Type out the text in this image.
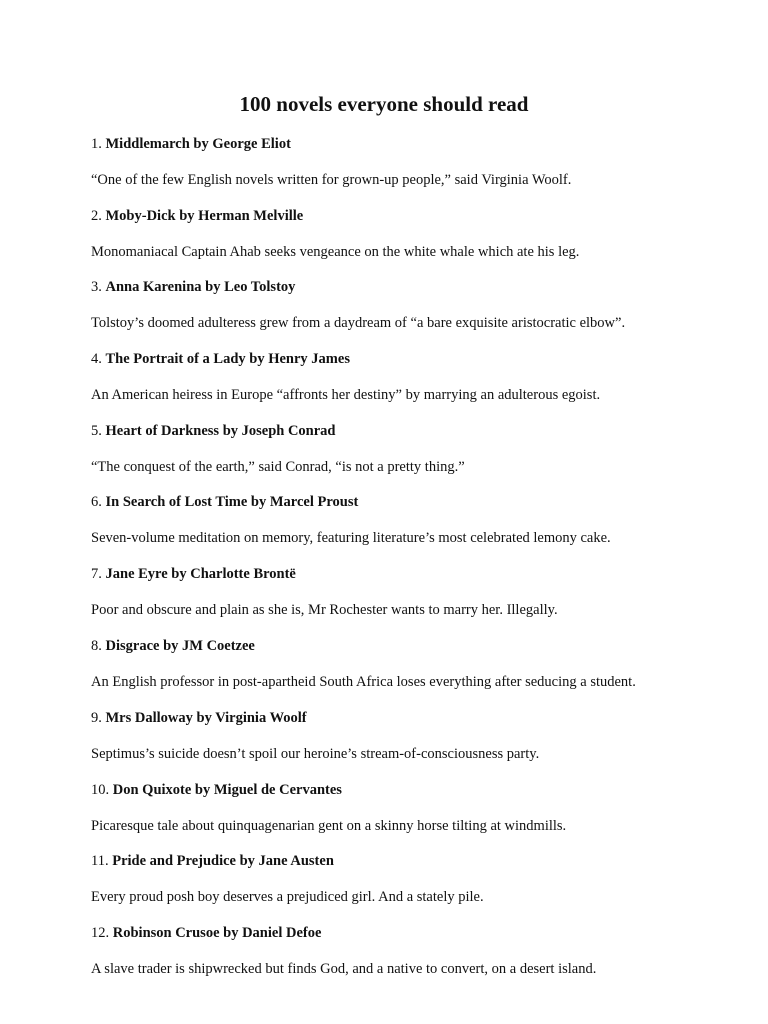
100 novels everyone should read

1. Middlemarch by George Eliot

“One of the few English novels written for grown-up people,” said Virginia Woolf.

2. Moby-Dick by Herman Melville

Monomaniacal Captain Ahab seeks vengeance on the white whale which ate his leg.

3. Anna Karenina by Leo Tolstoy

Tolstoy’s doomed adulteress grew from a daydream of “a bare exquisite aristocratic elbow”.

4. The Portrait of a Lady by Henry James

An American heiress in Europe “affronts her destiny” by marrying an adulterous egoist.

5. Heart of Darkness by Joseph Conrad

“The conquest of the earth,” said Conrad, “is not a pretty thing.”

6. In Search of Lost Time by Marcel Proust

Seven-volume meditation on memory, featuring literature’s most celebrated lemony cake.

7. Jane Eyre by Charlotte Brontë

Poor and obscure and plain as she is, Mr Rochester wants to marry her. Illegally.

8. Disgrace by JM Coetzee

An English professor in post-apartheid South Africa loses everything after seducing a student.

9. Mrs Dalloway by Virginia Woolf

Septimus’s suicide doesn’t spoil our heroine’s stream-of-consciousness party.

10. Don Quixote by Miguel de Cervantes

Picaresque tale about quinquagenarian gent on a skinny horse tilting at windmills.

11. Pride and Prejudice by Jane Austen

Every proud posh boy deserves a prejudiced girl. And a stately pile.

12. Robinson Crusoe by Daniel Defoe

A slave trader is shipwrecked but finds God, and a native to convert, on a desert island.
